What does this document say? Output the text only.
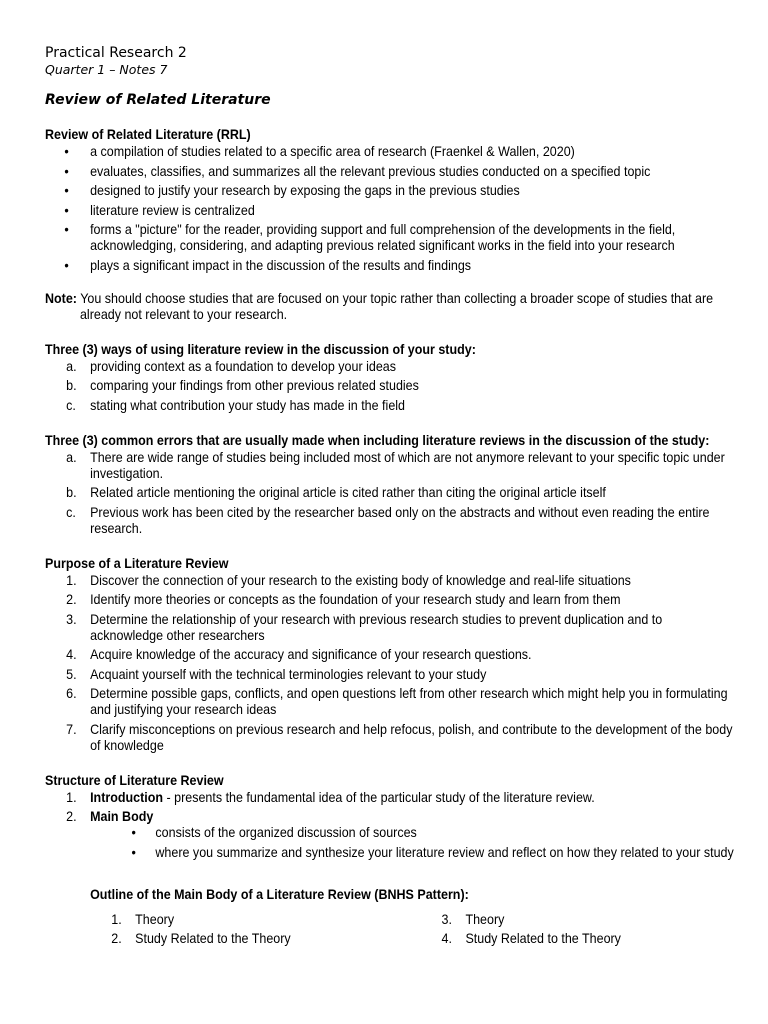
Practical Research 2
Quarter 1 – Notes 7
Review of Related Literature
Review of Related Literature (RRL)
• a compilation of studies related to a specific area of research (Fraenkel & Wallen, 2020)
• evaluates, classifies, and summarizes all the relevant previous studies conducted on a specified topic
• designed to justify your research by exposing the gaps in the previous studies
• literature review is centralized
• forms a "picture" for the reader, providing support and full comprehension of the developments in the field, acknowledging, considering, and adapting previous related significant works in the field into your research
• plays a significant impact in the discussion of the results and findings
Note: You should choose studies that are focused on your topic rather than collecting a broader scope of studies that are already not relevant to your research.
Three (3) ways of using literature review in the discussion of your study:
a. providing context as a foundation to develop your ideas
b. comparing your findings from other previous related studies
c. stating what contribution your study has made in the field
Three (3) common errors that are usually made when including literature reviews in the discussion of the study:
a. There are wide range of studies being included most of which are not anymore relevant to your specific topic under investigation.
b. Related article mentioning the original article is cited rather than citing the original article itself
c. Previous work has been cited by the researcher based only on the abstracts and without even reading the entire research.
Purpose of a Literature Review
1. Discover the connection of your research to the existing body of knowledge and real-life situations
2. Identify more theories or concepts as the foundation of your research study and learn from them
3. Determine the relationship of your research with previous research studies to prevent duplication and to acknowledge other researchers
4. Acquire knowledge of the accuracy and significance of your research questions.
5. Acquaint yourself with the technical terminologies relevant to your study
6. Determine possible gaps, conflicts, and open questions left from other research which might help you in formulating and justifying your research ideas
7. Clarify misconceptions on previous research and help refocus, polish, and contribute to the development of the body of knowledge
Structure of Literature Review
1. Introduction - presents the fundamental idea of the particular study of the literature review.
2. Main Body
• consists of the organized discussion of sources
• where you summarize and synthesize your literature review and reflect on how they related to your study
Outline of the Main Body of a Literature Review (BNHS Pattern):
1. Theory
2. Study Related to the Theory
3. Theory
4. Study Related to the Theory
